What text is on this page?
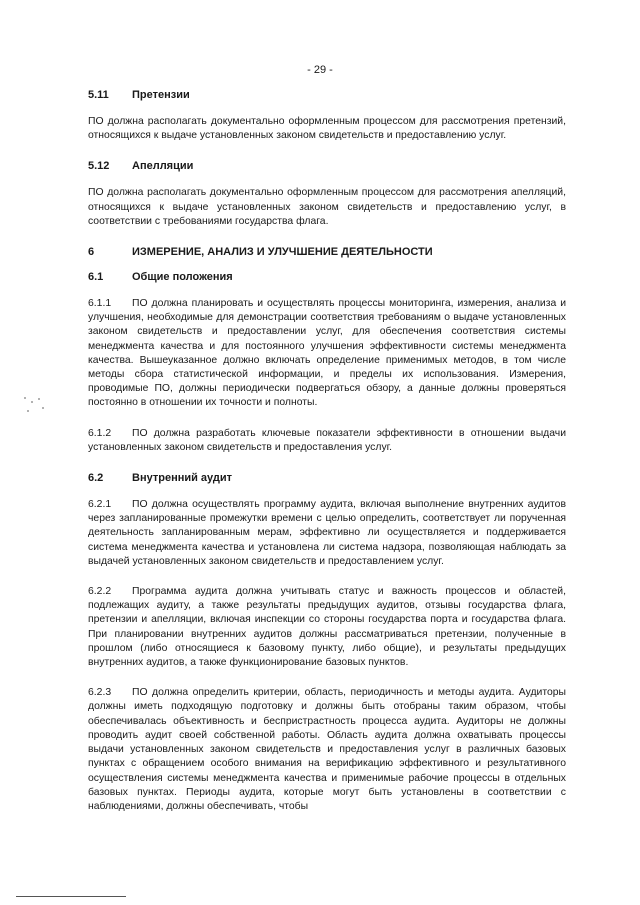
- 29 -
5.11	Претензии

ПО должна располагать документально оформленным процессом для рассмотрения претензий, относящихся к выдаче установленных законом свидетельств и предоставлению услуг.

5.12	Апелляции

ПО должна располагать документально оформленным процессом для рассмотрения апелляций, относящихся к выдаче установленных законом свидетельств и предоставлению услуг, в соответствии с требованиями государства флага.

6	ИЗМЕРЕНИЕ, АНАЛИЗ И УЛУЧШЕНИЕ ДЕЯТЕЛЬНОСТИ
6.1	Общие положения

6.1.1 ПО должна планировать и осуществлять процессы мониторинга, измерения, анализа и улучшения, необходимые для демонстрации соответствия требованиям о выдаче установленных законом свидетельств и предоставлении услуг, для обеспечения соответствия системы менеджмента качества и для постоянного улучшения эффективности системы менеджмента качества. Вышеуказанное должно включать определение применимых методов, в том числе методы сбора статистической информации, и пределы их использования. Измерения, проводимые ПО, должны периодически подвергаться обзору, а данные должны проверяться постоянно в отношении их точности и полноты.

6.1.2 ПО должна разработать ключевые показатели эффективности в отношении выдачи установленных законом свидетельств и предоставления услуг.

6.2	Внутренний аудит

6.2.1 ПО должна осуществлять программу аудита, включая выполнение внутренних аудитов через запланированные промежутки времени с целью определить, соответствует ли порученная деятельность запланированным мерам, эффективно ли осуществляется и поддерживается система менеджмента качества и установлена ли система надзора, позволяющая наблюдать за выдачей установленных законом свидетельств и предоставлением услуг.

6.2.2 Программа аудита должна учитывать статус и важность процессов и областей, подлежащих аудиту, а также результаты предыдущих аудитов, отзывы государства флага, претензии и апелляции, включая инспекции со стороны государства порта и государства флага. При планировании внутренних аудитов должны рассматриваться претензии, полученные в прошлом (либо относящиеся к базовому пункту, либо общие), и результаты предыдущих внутренних аудитов, а также функционирование базовых пунктов.

6.2.3 ПО должна определить критерии, область, периодичность и методы аудита. Аудиторы должны иметь подходящую подготовку и должны быть отобраны таким образом, чтобы обеспечивалась объективность и беспристрастность процесса аудита. Аудиторы не должны проводить аудит своей собственной работы. Область аудита должна охватывать процессы выдачи установленных законом свидетельств и предоставления услуг в различных базовых пунктах с обращением особого внимания на верификацию эффективного и результативного осуществления системы менеджмента качества и применимые рабочие процессы в отдельных базовых пунктах. Периоды аудита, которые могут быть установлены в соответствии с наблюдениями, должны обеспечивать, чтобы
